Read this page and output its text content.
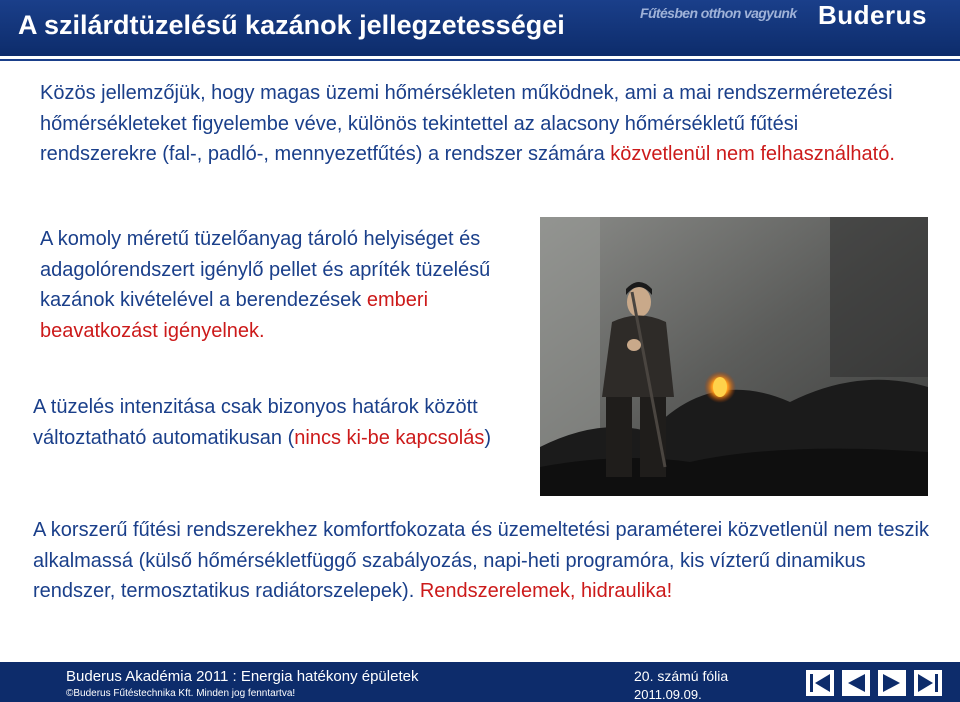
A szilárdtüzelésű kazánok jellegzetességei	Fűtésben otthon vagyunk Buderus
Közös jellemzőjük, hogy magas üzemi hőmérsékleten működnek, ami a mai rendszerméretezési hőmérsékleteket figyelembe véve, különös tekintettel az alacsony hőmérsékletű fűtési rendszerekre (fal-, padló-, mennyezetfűtés) a rendszer számára közvetlenül nem felhasználható.
A komoly méretű tüzelőanyag tároló helyiséget és adagolórendszert igénylő pellet és apríték tüzelésű kazánok kivételével a berendezések emberi beavatkozást igényelnek.
A tüzelés intenzitása csak bizonyos határok között változtatható automatikusan (nincs ki-be kapcsolás)
A korszerű fűtési rendszerekhez komfortfokozata és üzemeltetési paraméterei közvetlenül nem teszik alkalmassá (külső hőmérsékletfüggő szabályozás, napi-heti programóra, kis vízterű dinamikus rendszer, termosztatikus radiátorszelepek). Rendszerelemek, hidraulika!
Buderus Akadémia 2011 : Energia hatékony épületek
©Buderus Fűtéstechnika Kft. Minden jog fenntartva!
20. számú fólia
2011.09.09.
